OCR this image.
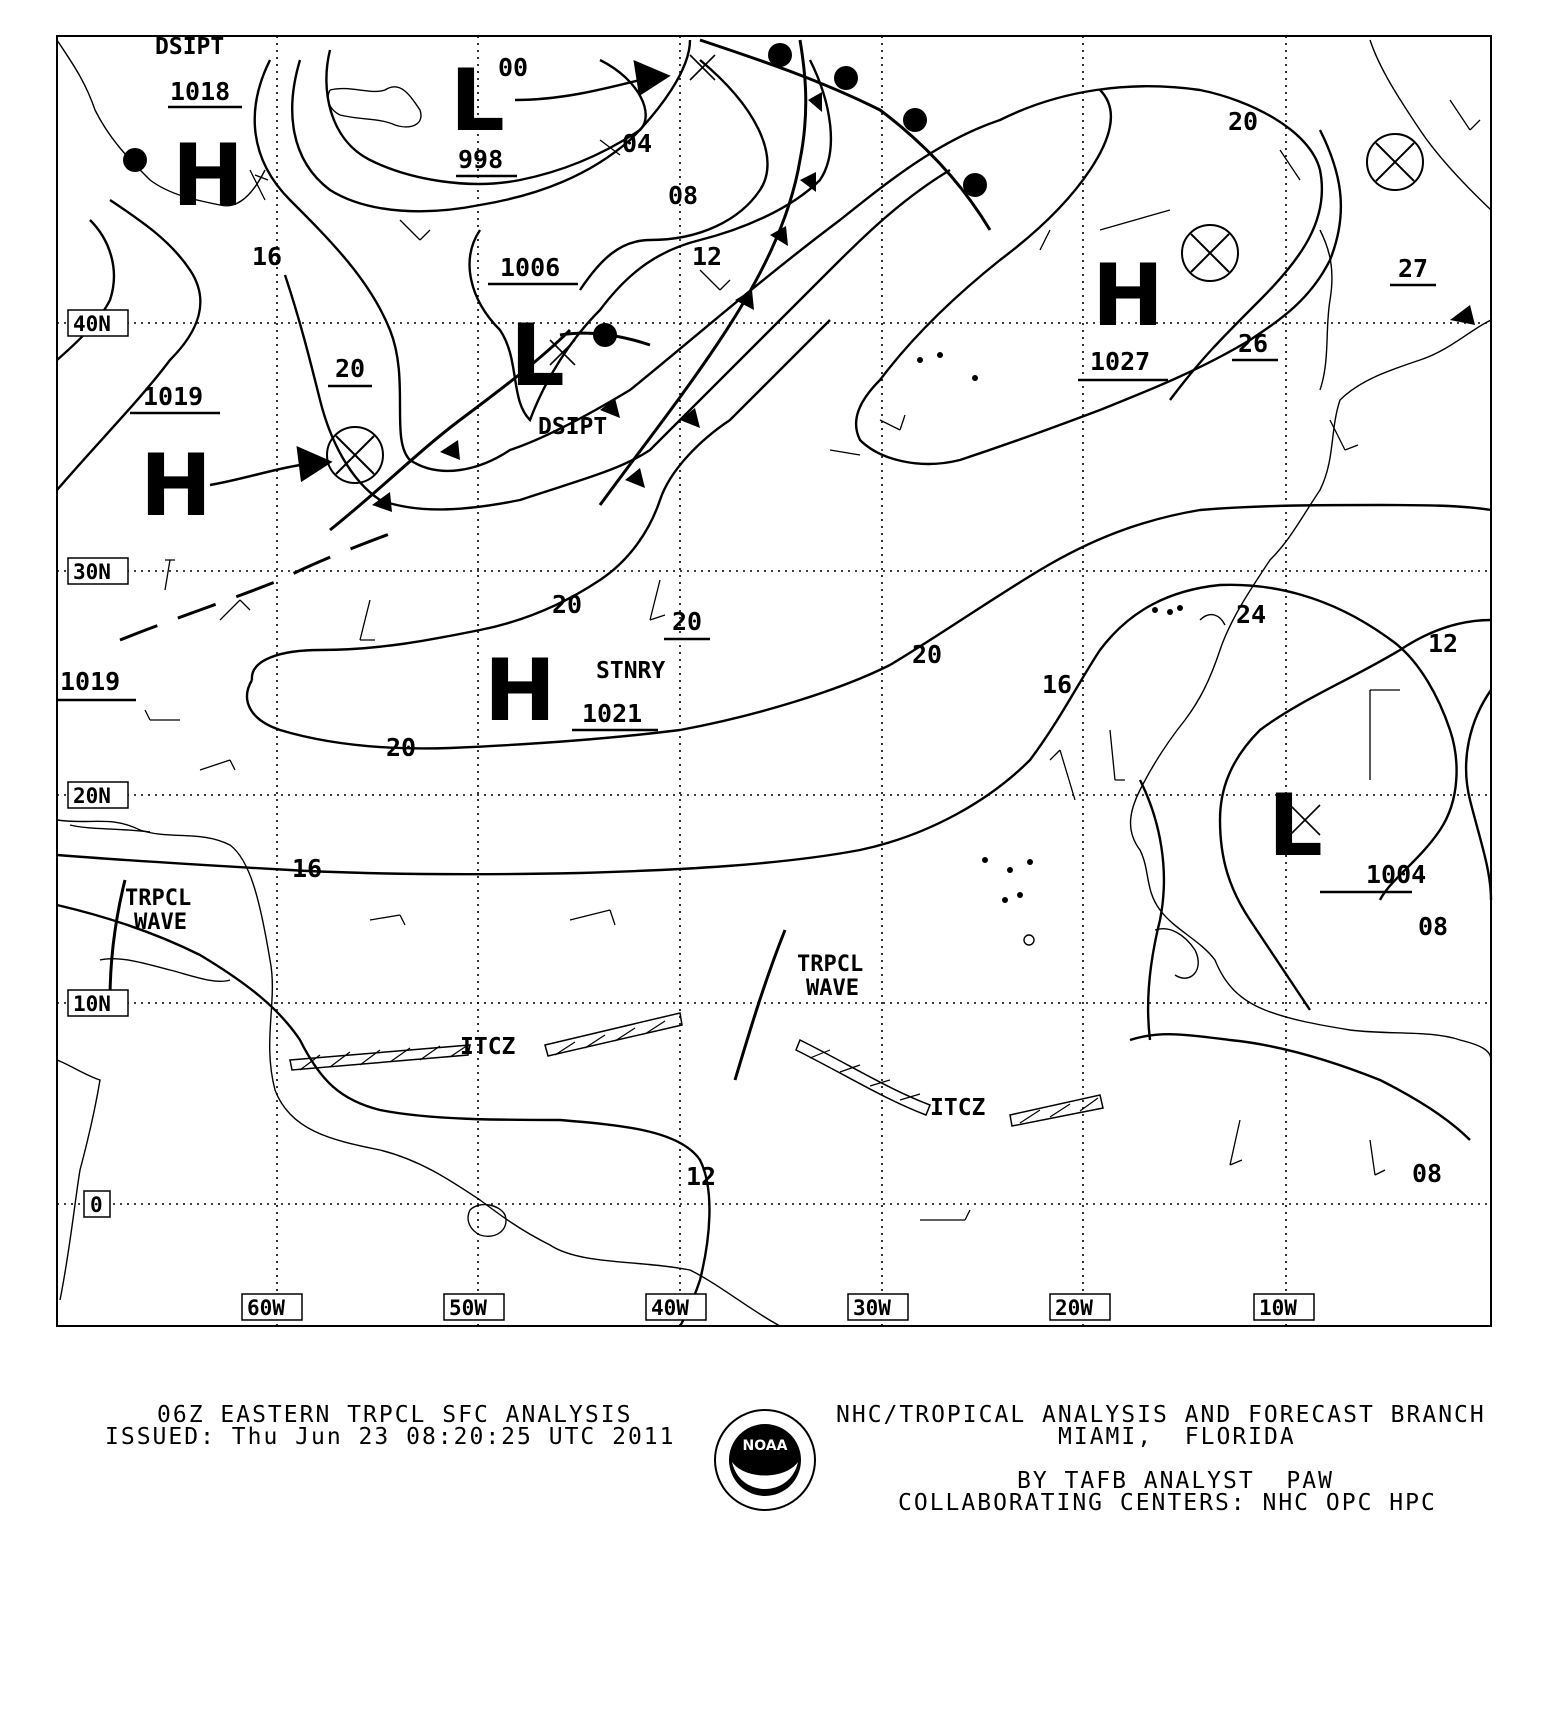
40N
30N
20N
10N
0
60W	50W	40W	30W	20W	10W
H
1018	L
998
L
1006
H
1019
H
1027
H 1021
L 1004
1019
20
20
26
27
00
04
08
12
16
16
16
20
20
20
20
24
12
08
08
12
DSIPT
DSIPT
STNRY
TRPCL
WAVE
TRPCL
WAVE
ITCZ
ITCZ
NOAA
06Z EASTERN TRPCL SFC ANALYSIS
ISSUED: Thu Jun 23 08:20:25 UTC 2011
NHC/TROPICAL ANALYSIS AND FORECAST BRANCH
MIAMI,  FLORIDA
BY TAFB ANALYST  PAW
COLLABORATING CENTERS: NHC OPC HPC
